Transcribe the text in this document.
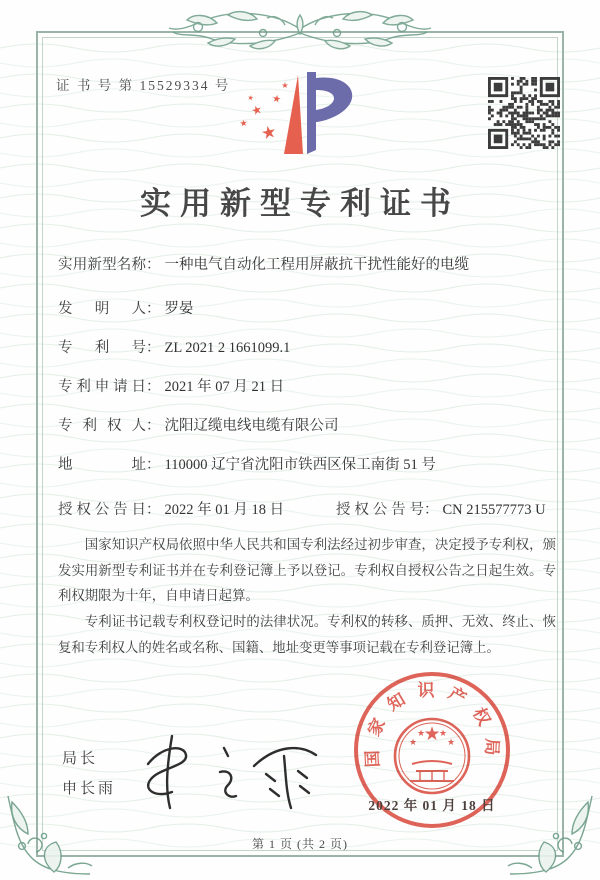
证 书 号 第 15529334 号
★
★
★
★
★
★
实用新型专利证书
实用新型名称 ： 一种电气自动化工程用屏蔽抗干扰性能好的电缆
发明人 ： 罗晏
专利号 ： ZL 2021 2 1661099.1
专利申请日 ： 2021 年 07 月 21 日
专利权人 ： 沈阳辽缆电线电缆有限公司
地址 ： 110000 辽宁省沈阳市铁西区保工南街 51 号
授权公告日 ： 2022 年 01 月 18 日	授权公告号 ： CN 215577773 U

国家知识产权局依照中华人民共和国专利法经过初步审查，决定授予专利权，颁发实用新型专利证书并在专利登记簿上予以登记。专利权自授权公告之日起生效。专利权期限为十年，自申请日起算。

专利证书记载专利权登记时的法律状况。专利权的转移、质押、无效、终止、恢复和专利权人的姓名或名称、国籍、地址变更等事项记载在专利登记簿上。

局长
申长雨
国家知识产权局
★
★
★ ★
★
2022 年 01 月 18 日
第 1 页 (共 2 页)
